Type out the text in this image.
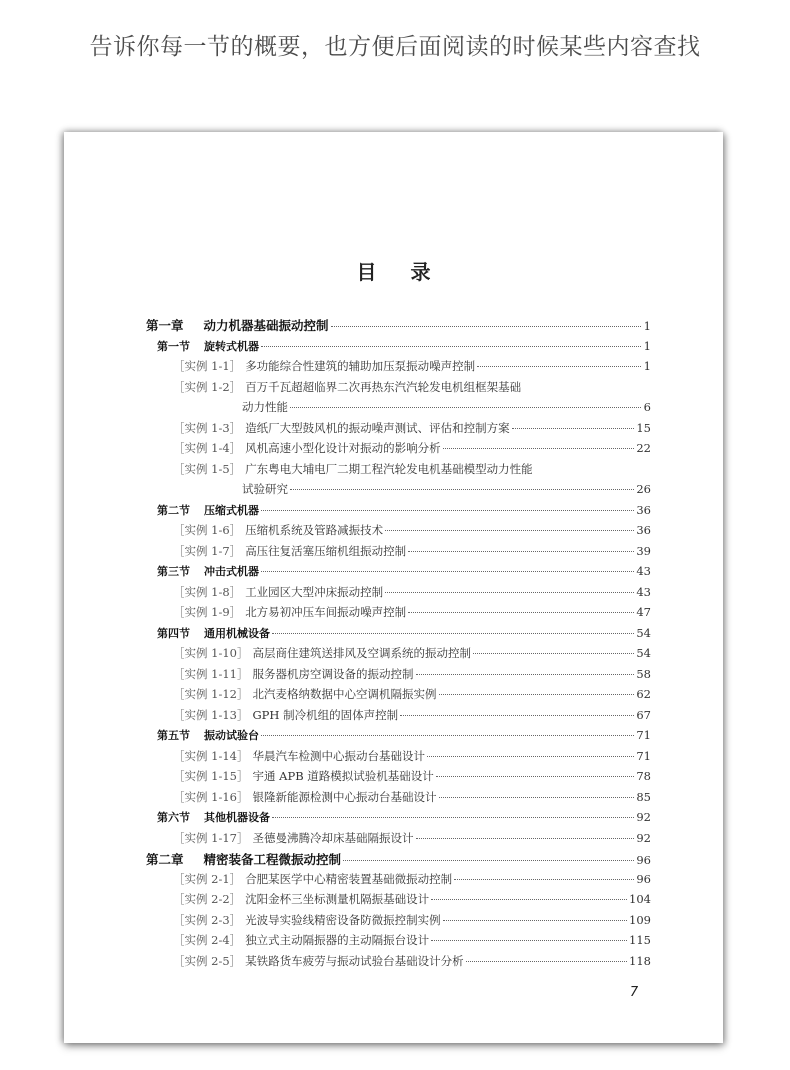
告诉你每一节的概要，也方便后面阅读的时候某些内容查找
目录
第一章 动力机器基础振动控制	1
第一节 旋转式机器	1
［实例 1-1］ 多功能综合性建筑的辅助加压泵振动噪声控制	1
［实例 1-2］ 百万千瓦超超临界二次再热东汽汽轮发电机组框架基础
动力性能	6
［实例 1-3］ 造纸厂大型鼓风机的振动噪声测试、评估和控制方案	15
［实例 1-4］ 风机高速小型化设计对振动的影响分析	22
［实例 1-5］ 广东粤电大埔电厂二期工程汽轮发电机基础模型动力性能
试验研究	26
第二节 压缩式机器	36
［实例 1-6］ 压缩机系统及管路减振技术	36
［实例 1-7］ 高压往复活塞压缩机组振动控制	39
第三节 冲击式机器	43
［实例 1-8］ 工业园区大型冲床振动控制	43
［实例 1-9］ 北方易初冲压车间振动噪声控制	47
第四节 通用机械设备	54
［实例 1-10］ 高层商住建筑送排风及空调系统的振动控制	54
［实例 1-11］ 服务器机房空调设备的振动控制	58
［实例 1-12］ 北汽麦格纳数据中心空调机隔振实例	62
［实例 1-13］ GPH 制冷机组的固体声控制	67
第五节 振动试验台	71
［实例 1-14］ 华晨汽车检测中心振动台基础设计	71
［实例 1-15］ 宇通 APB 道路模拟试验机基础设计	78
［实例 1-16］ 银隆新能源检测中心振动台基础设计	85
第六节 其他机器设备	92
［实例 1-17］ 圣德曼沸腾冷却床基础隔振设计	92
第二章 精密装备工程微振动控制	96
［实例 2-1］ 合肥某医学中心精密装置基础微振动控制	96
［实例 2-2］ 沈阳金杯三坐标测量机隔振基础设计	104
［实例 2-3］ 光波导实验线精密设备防微振控制实例	109
［实例 2-4］ 独立式主动隔振器的主动隔振台设计	115
［实例 2-5］ 某铁路货车疲劳与振动试验台基础设计分析	118
7
